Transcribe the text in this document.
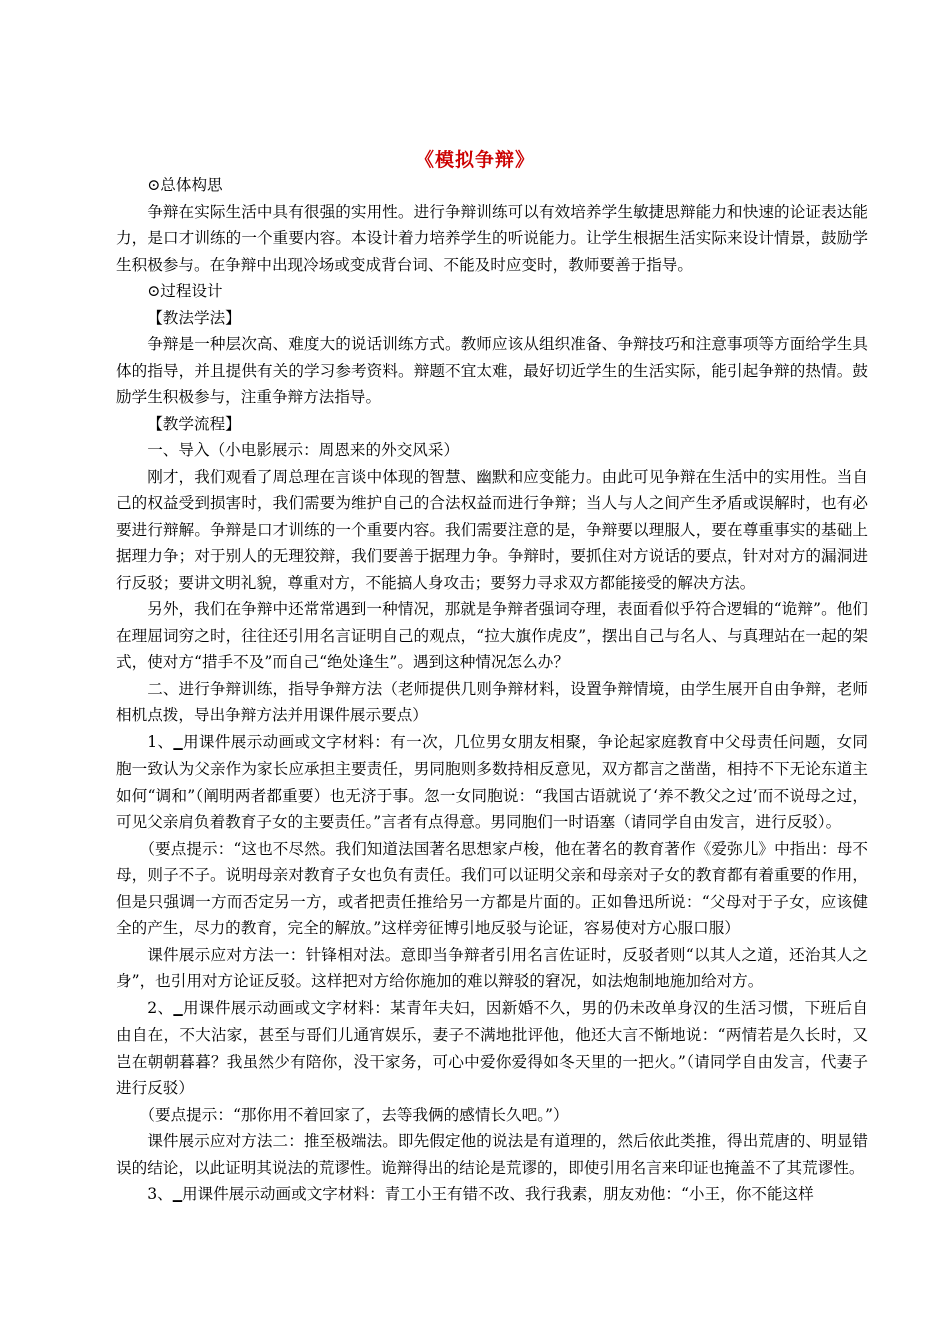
《模拟争辩》

⊙总体构思

争辩在实际生活中具有很强的实用性。进行争辩训练可以有效培养学生敏捷思辩能力和快速的论证表达能力，是口才训练的一个重要内容。本设计着力培养学生的听说能力。让学生根据生活实际来设计情景，鼓励学生积极参与。在争辩中出现冷场或变成背台词、不能及时应变时，教师要善于指导。

⊙过程设计

【教法学法】

争辩是一种层次高、难度大的说话训练方式。教师应该从组织准备、争辩技巧和注意事项等方面给学生具体的指导，并且提供有关的学习参考资料。辩题不宜太难，最好切近学生的生活实际，能引起争辩的热情。鼓励学生积极参与，注重争辩方法指导。

【教学流程】

一、导入（小电影展示：周恩来的外交风采）

刚才，我们观看了周总理在言谈中体现的智慧、幽默和应变能力。由此可见争辩在生活中的实用性。当自己的权益受到损害时，我们需要为维护自己的合法权益而进行争辩；当人与人之间产生矛盾或误解时，也有必要进行辩解。争辩是口才训练的一个重要内容。我们需要注意的是，争辩要以理服人，要在尊重事实的基础上据理力争；对于别人的无理狡辩，我们要善于据理力争。争辩时，要抓住对方说话的要点，针对对方的漏洞进行反驳；要讲文明礼貌，尊重对方，不能搞人身攻击；要努力寻求双方都能接受的解决方法。

另外，我们在争辩中还常常遇到一种情况，那就是争辩者强词夺理，表面看似乎符合逻辑的“诡辩”。他们在理屈词穷之时，往往还引用名言证明自己的观点，“拉大旗作虎皮”，摆出自己与名人、与真理站在一起的架式，使对方“措手不及”而自己“绝处逢生”。遇到这种情况怎么办？

二、进行争辩训练，指导争辩方法（老师提供几则争辩材料，设置争辩情境，由学生展开自由争辩，老师相机点拨，导出争辩方法并用课件展示要点）

1、▁用课件展示动画或文字材料：有一次，几位男女朋友相聚，争论起家庭教育中父母责任问题，女同胞一致认为父亲作为家长应承担主要责任，男同胞则多数持相反意见，双方都言之凿凿，相持不下无论东道主如何“调和”（阐明两者都重要）也无济于事。忽一女同胞说：“我国古语就说了‘养不教父之过’而不说母之过，可见父亲肩负着教育子女的主要责任。”言者有点得意。男同胞们一时语塞（请同学自由发言，进行反驳）。

（要点提示：“这也不尽然。我们知道法国著名思想家卢梭，他在著名的教育著作《爱弥儿》中指出：母不母，则子不子。说明母亲对教育子女也负有责任。我们可以证明父亲和母亲对子女的教育都有着重要的作用，但是只强调一方而否定另一方，或者把责任推给另一方都是片面的。正如鲁迅所说：“父母对于子女，应该健全的产生，尽力的教育，完全的解放。”这样旁征博引地反驳与论证，容易使对方心服口服）

课件展示应对方法一：针锋相对法。意即当争辩者引用名言佐证时，反驳者则“以其人之道，还治其人之身”，也引用对方论证反驳。这样把对方给你施加的难以辩驳的窘况，如法炮制地施加给对方。

2、▁用课件展示动画或文字材料：某青年夫妇，因新婚不久，男的仍未改单身汉的生活习惯，下班后自由自在，不大沾家，甚至与哥们儿通宵娱乐，妻子不满地批评他，他还大言不惭地说：“两情若是久长时，又岂在朝朝暮暮？我虽然少有陪你，没干家务，可心中爱你爱得如冬天里的一把火。”（请同学自由发言，代妻子进行反驳）

（要点提示：“那你用不着回家了，去等我俩的感情长久吧。”）

课件展示应对方法二：推至极端法。即先假定他的说法是有道理的，然后依此类推，得出荒唐的、明显错误的结论，以此证明其说法的荒谬性。诡辩得出的结论是荒谬的，即使引用名言来印证也掩盖不了其荒谬性。

3、▁用课件展示动画或文字材料：青工小王有错不改、我行我素，朋友劝他：“小王，你不能这样
